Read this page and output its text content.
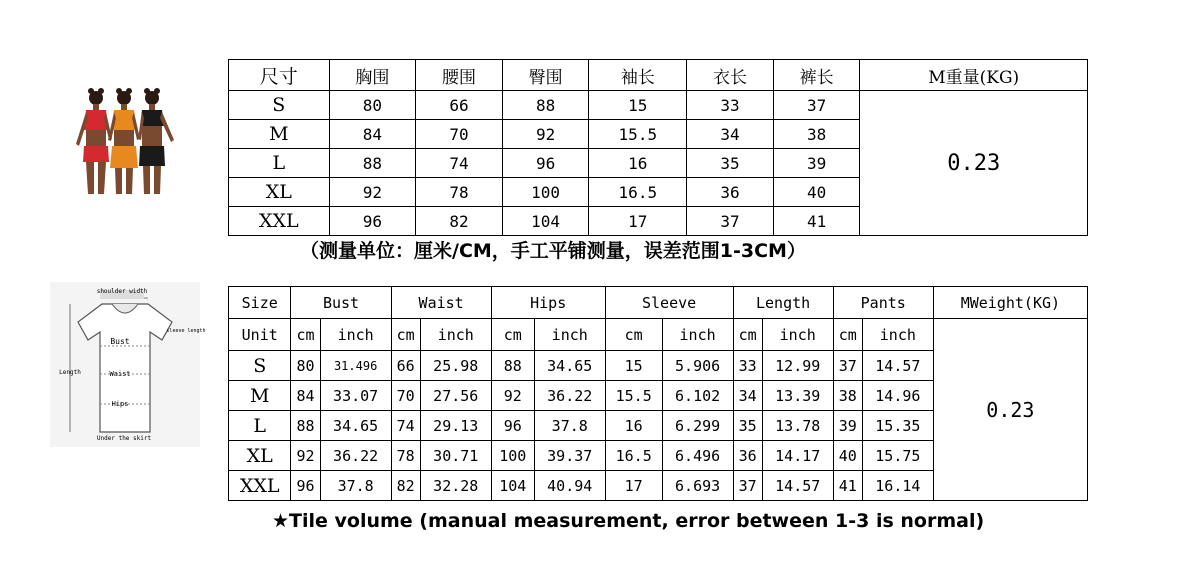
shoulder width
sleeve length
Bust
Waist
Hips
Length
Under the skirt
尺寸	胸围	腰围	臀围	袖长	衣长	裤长	M重量(KG)
S	80	66	88	15	33	37	0.23
M	84	70	92	15.5	34	38	
L	88	74	96	16	35	39	
XL	92	78	100	16.5	36	40	
XXL	96	82	104	17	37	41	
（测量单位：厘米/CM，手工平铺测量，误差范围1-3CM）
Size	Bust		Waist		Hips		Sleeve		Length		Pants		MWeight(KG)
Unit	cm	inch	cm	inch	cm	inch	cm	inch	cm	inch	cm	inch	0.23
S	80	31.496	66	25.98	88	34.65	15	5.906	33	12.99	37	14.57	
M	84	33.07	70	27.56	92	36.22	15.5	6.102	34	13.39	38	14.96	
L	88	34.65	74	29.13	96	37.8	16	6.299	35	13.78	39	15.35	
XL	92	36.22	78	30.71	100	39.37	16.5	6.496	36	14.17	40	15.75	
XXL	96	37.8	82	32.28	104	40.94	17	6.693	37	14.57	41	16.14	
★Tile volume (manual measurement, error between 1-3 is normal)
